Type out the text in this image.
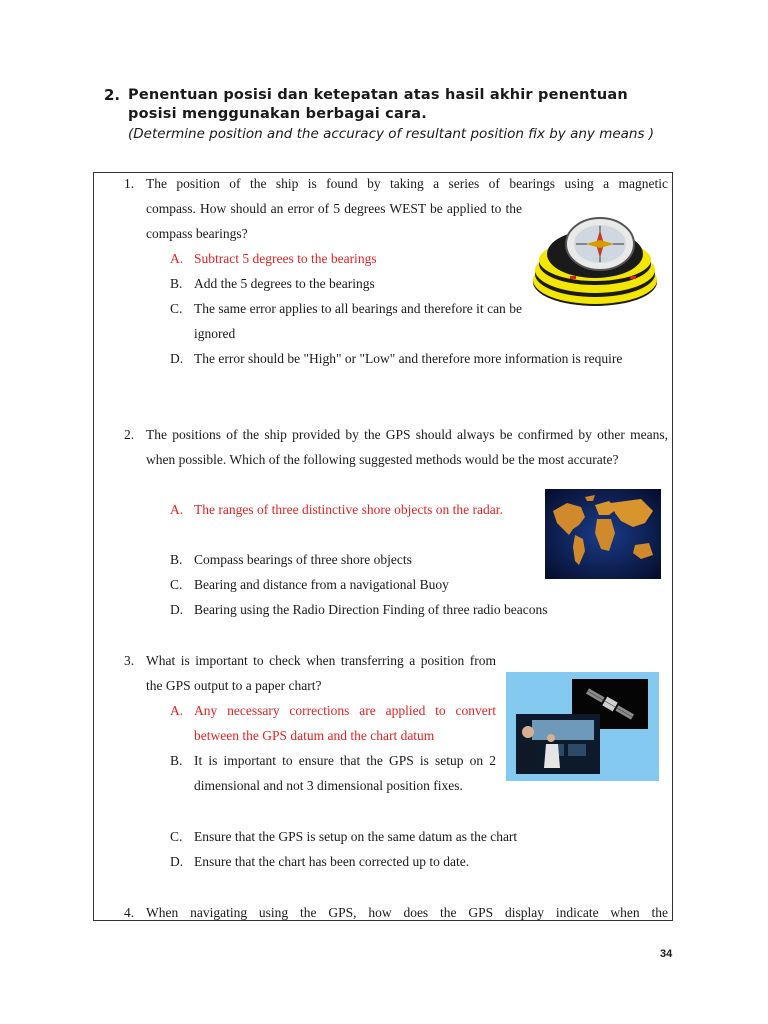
2. Penentuan posisi dan ketepatan atas hasil akhir penentuan posisi menggunakan berbagai cara.
(Determine position and the accuracy of resultant position fix by any means )
1. The position of the ship is found by taking a series of bearings using a magnetic
compass. How should an error of 5 degrees WEST be applied to the compass bearings?
A. Subtract 5 degrees to the bearings
B. Add the 5 degrees to the bearings
C. The same error applies to all bearings and therefore it can be ignored
D. The error should be "High" or "Low" and therefore more information is require
2. The positions of the ship provided by the GPS should always be confirmed by other means, when possible. Which of the following suggested methods would be the most accurate?
A. The ranges of three distinctive shore objects on the radar.
B. Compass bearings of three shore objects
C. Bearing and distance from a navigational Buoy
D. Bearing using the Radio Direction Finding of three radio beacons
3. What is important to check when transferring a position from the GPS output to a paper chart?
A. Any necessary corrections are applied to convert between the GPS datum and the chart datum
B. It is important to ensure that the GPS is setup on 2 dimensional and not 3 dimensional position fixes.
C. Ensure that the GPS is setup on the same datum as the chart
D. Ensure that the chart has been corrected up to date.
4. When navigating using the GPS, how does the GPS display indicate when the
34
